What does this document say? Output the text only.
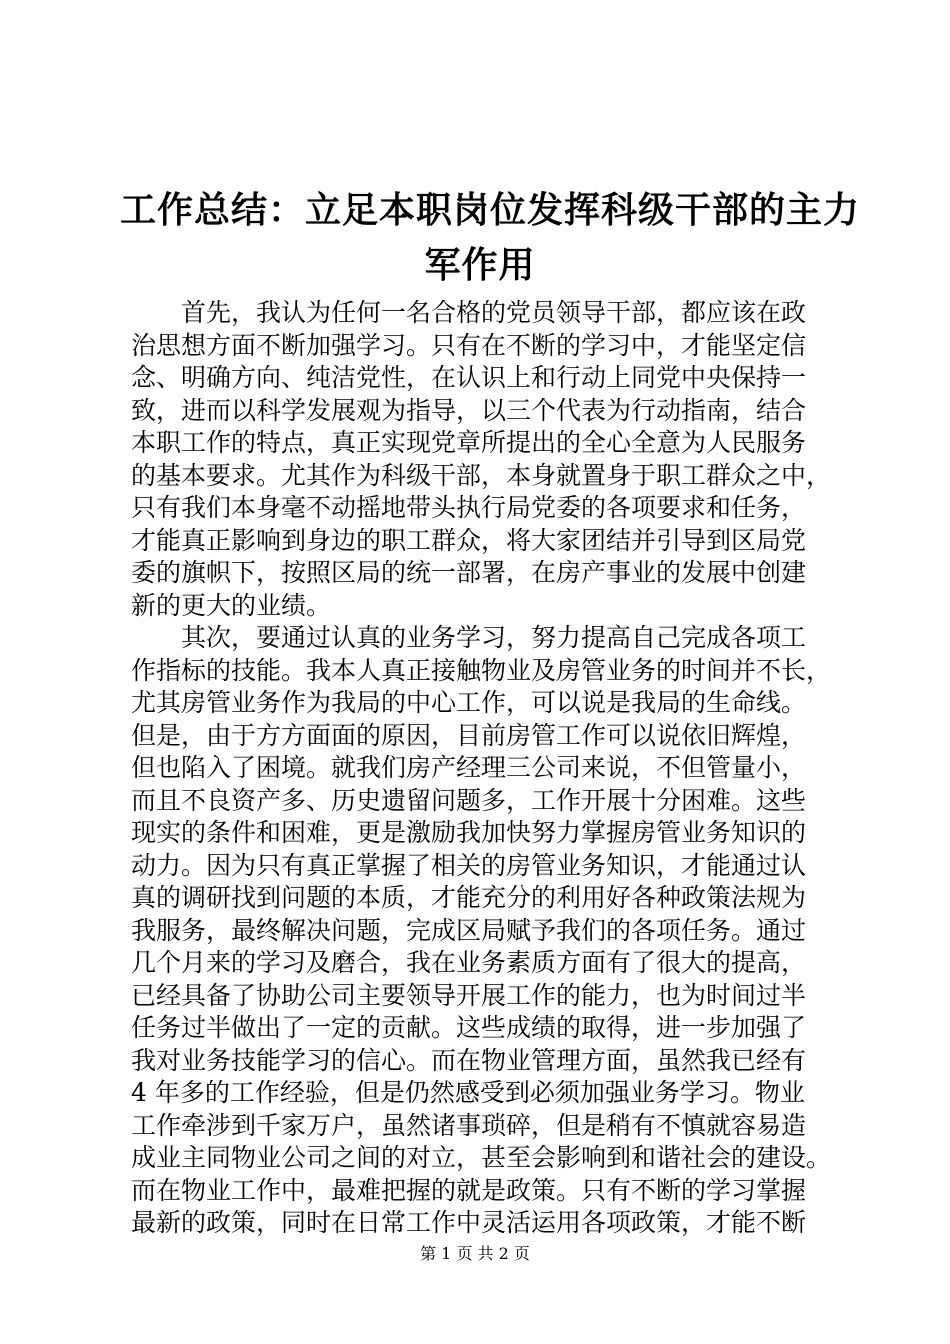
工作总结：立足本职岗位发挥科级干部的主力
军作用
首先，我认为任何一名合格的党员领导干部，都应该在政
治思想方面不断加强学习。只有在不断的学习中，才能坚定信
念、明确方向、纯洁党性，在认识上和行动上同党中央保持一
致，进而以科学发展观为指导，以三个代表为行动指南，结合
本职工作的特点，真正实现党章所提出的全心全意为人民服务
的基本要求。尤其作为科级干部，本身就置身于职工群众之中，
只有我们本身毫不动摇地带头执行局党委的各项要求和任务，
才能真正影响到身边的职工群众，将大家团结并引导到区局党
委的旗帜下，按照区局的统一部署，在房产事业的发展中创建
新的更大的业绩。
其次，要通过认真的业务学习，努力提高自己完成各项工
作指标的技能。我本人真正接触物业及房管业务的时间并不长，
尤其房管业务作为我局的中心工作，可以说是我局的生命线。
但是，由于方方面面的原因，目前房管工作可以说依旧辉煌，
但也陷入了困境。就我们房产经理三公司来说，不但管量小，
而且不良资产多、历史遗留问题多，工作开展十分困难。这些
现实的条件和困难，更是激励我加快努力掌握房管业务知识的
动力。因为只有真正掌握了相关的房管业务知识，才能通过认
真的调研找到问题的本质，才能充分的利用好各种政策法规为
我服务，最终解决问题，完成区局赋予我们的各项任务。通过
几个月来的学习及磨合，我在业务素质方面有了很大的提高，
已经具备了协助公司主要领导开展工作的能力，也为时间过半
任务过半做出了一定的贡献。这些成绩的取得，进一步加强了
我对业务技能学习的信心。而在物业管理方面，虽然我已经有
4 年多的工作经验，但是仍然感受到必须加强业务学习。物业
工作牵涉到千家万户，虽然诸事琐碎，但是稍有不慎就容易造
成业主同物业公司之间的对立，甚至会影响到和谐社会的建设。
而在物业工作中，最难把握的就是政策。只有不断的学习掌握
最新的政策，同时在日常工作中灵活运用各项政策，才能不断
第 1 页 共 2 页
